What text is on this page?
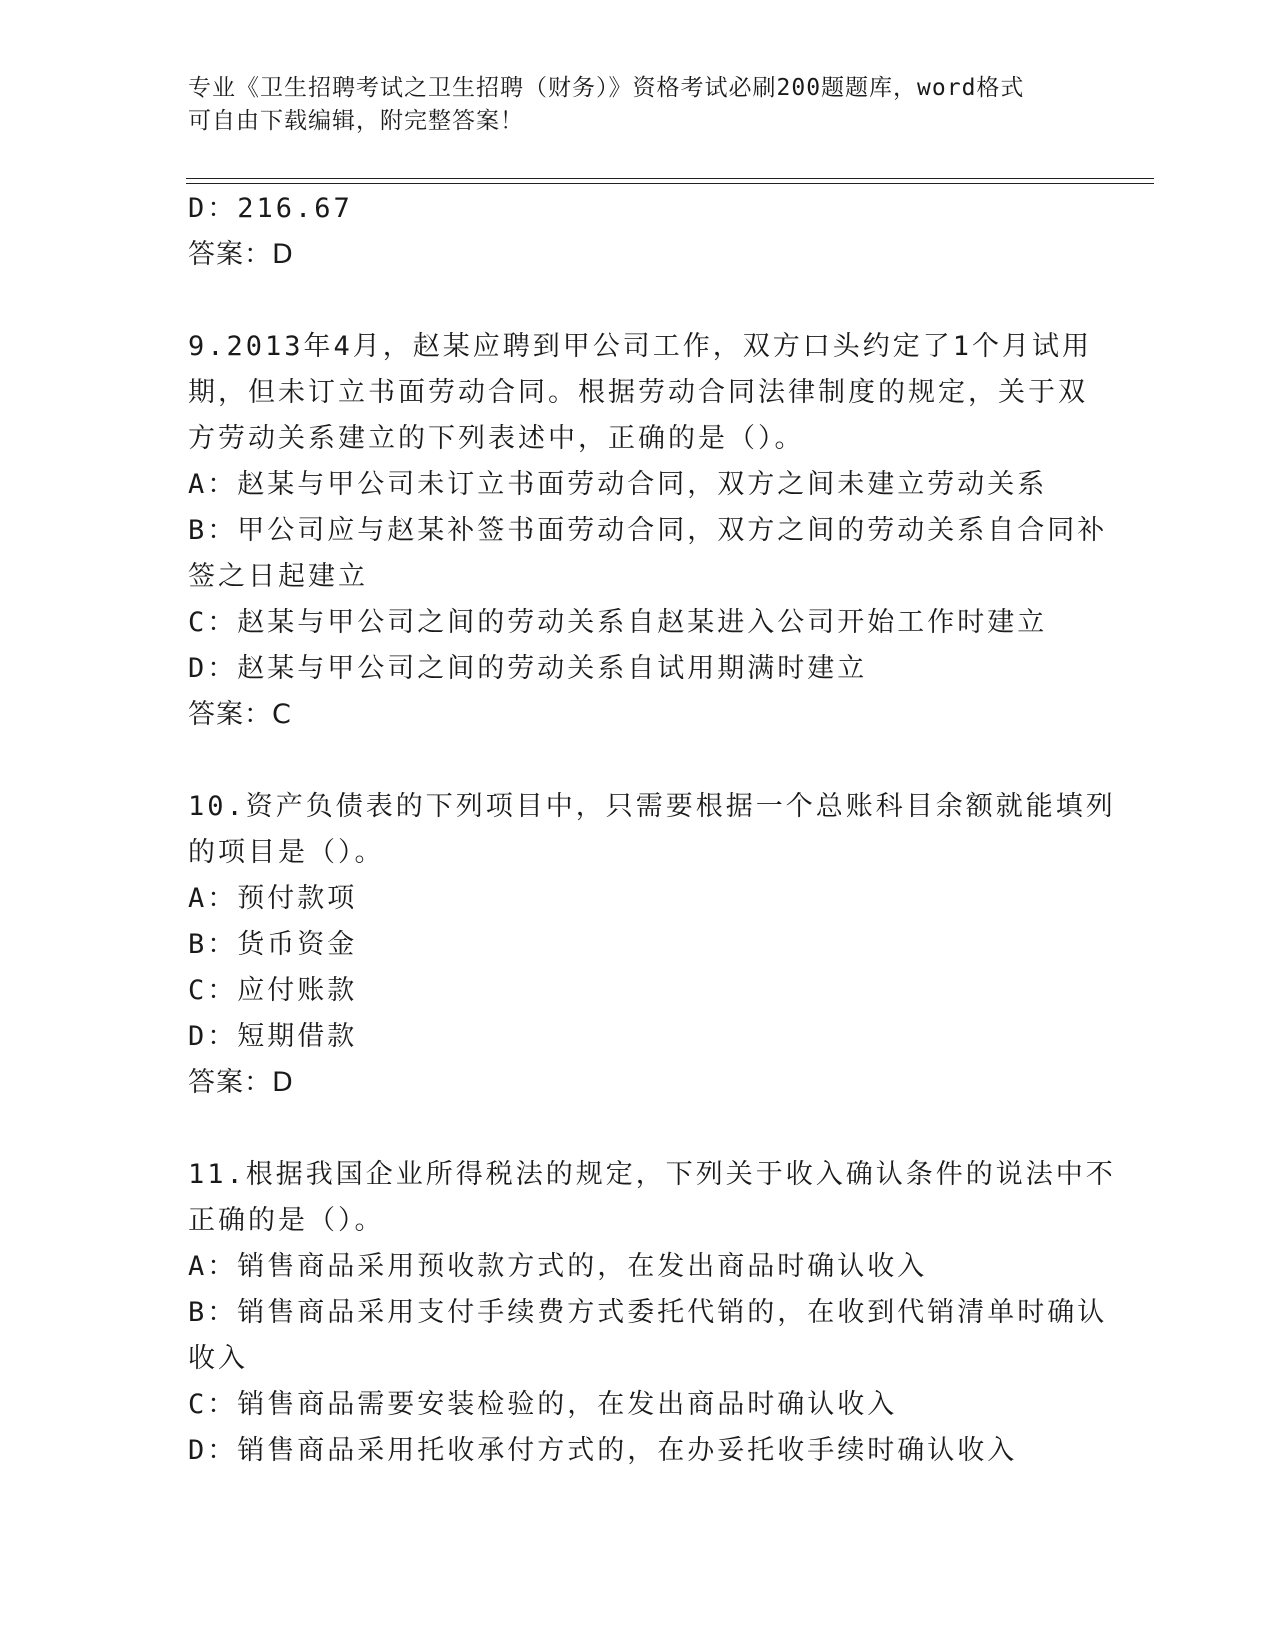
专业《卫生招聘考试之卫生招聘（财务）》资格考试必刷200题题库，word格式
可自由下载编辑，附完整答案！
D：216.67
答案：D
9.2013年4月，赵某应聘到甲公司工作，双方口头约定了1个月试用
期，但未订立书面劳动合同。根据劳动合同法律制度的规定，关于双
方劳动关系建立的下列表述中，正确的是（）。
A：赵某与甲公司未订立书面劳动合同，双方之间未建立劳动关系
B：甲公司应与赵某补签书面劳动合同，双方之间的劳动关系自合同补
签之日起建立
C：赵某与甲公司之间的劳动关系自赵某进入公司开始工作时建立
D：赵某与甲公司之间的劳动关系自试用期满时建立
答案：C
10.资产负债表的下列项目中，只需要根据一个总账科目余额就能填列
的项目是（）。
A：预付款项
B：货币资金
C：应付账款
D：短期借款
答案：D
11.根据我国企业所得税法的规定，下列关于收入确认条件的说法中不
正确的是（）。
A：销售商品采用预收款方式的，在发出商品时确认收入
B：销售商品采用支付手续费方式委托代销的，在收到代销清单时确认
收入
C：销售商品需要安装检验的，在发出商品时确认收入
D：销售商品采用托收承付方式的，在办妥托收手续时确认收入
